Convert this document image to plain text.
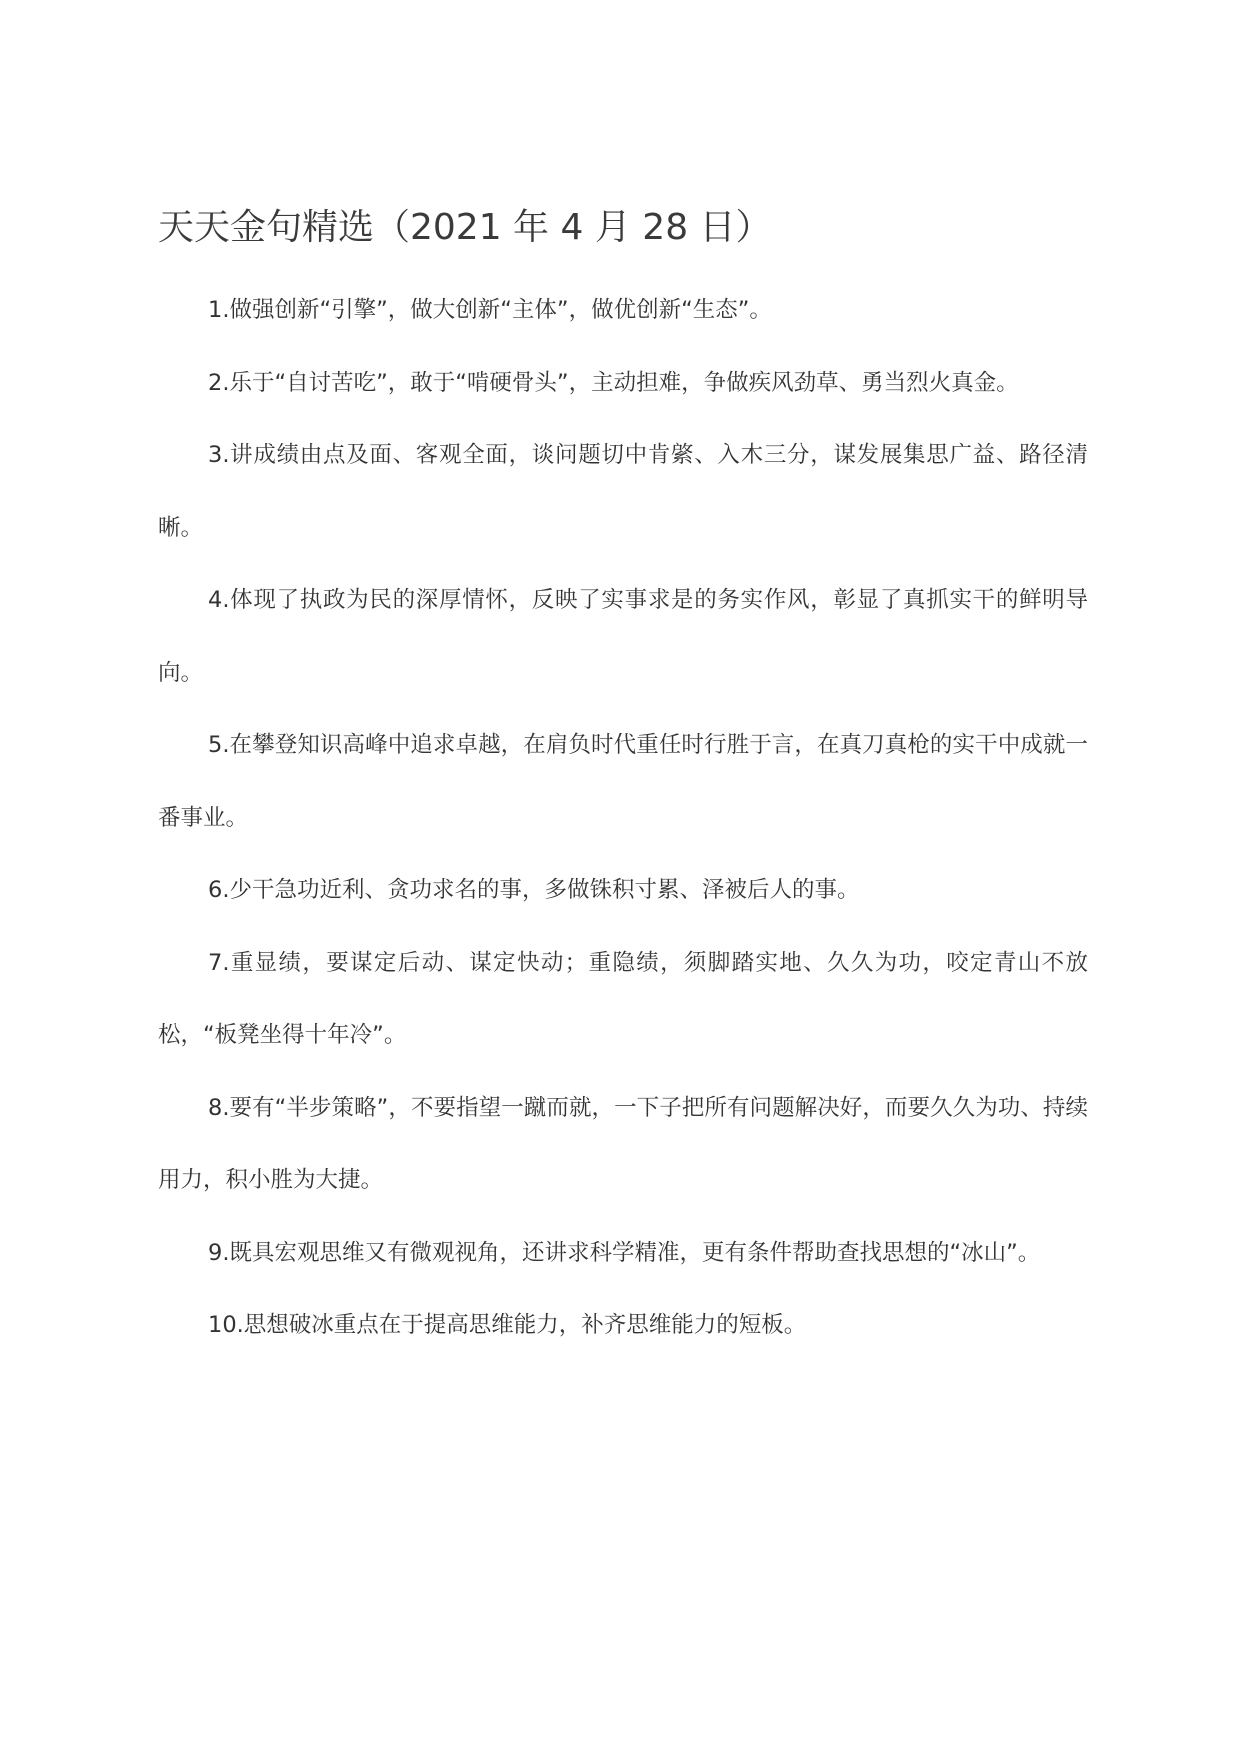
天天金句精选（2021 年 4 月 28 日）
1.做强创新“引擎”，做大创新“主体”，做优创新“生态”。
2.乐于“自讨苦吃”，敢于“啃硬骨头”，主动担难，争做疾风劲草、勇当烈火真金。
3.讲成绩由点及面、客观全面，谈问题切中肯綮、入木三分，谋发展集思广益、路径清晰。
4.体现了执政为民的深厚情怀，反映了实事求是的务实作风，彰显了真抓实干的鲜明导向。
5.在攀登知识高峰中追求卓越，在肩负时代重任时行胜于言，在真刀真枪的实干中成就一番事业。
6.少干急功近利、贪功求名的事，多做铢积寸累、泽被后人的事。
7.重显绩，要谋定后动、谋定快动；重隐绩，须脚踏实地、久久为功，咬定青山不放松，“板凳坐得十年冷”。
8.要有“半步策略”，不要指望一蹴而就，一下子把所有问题解决好，而要久久为功、持续用力，积小胜为大捷。
9.既具宏观思维又有微观视角，还讲求科学精准，更有条件帮助查找思想的“冰山”。
10.思想破冰重点在于提高思维能力，补齐思维能力的短板。
